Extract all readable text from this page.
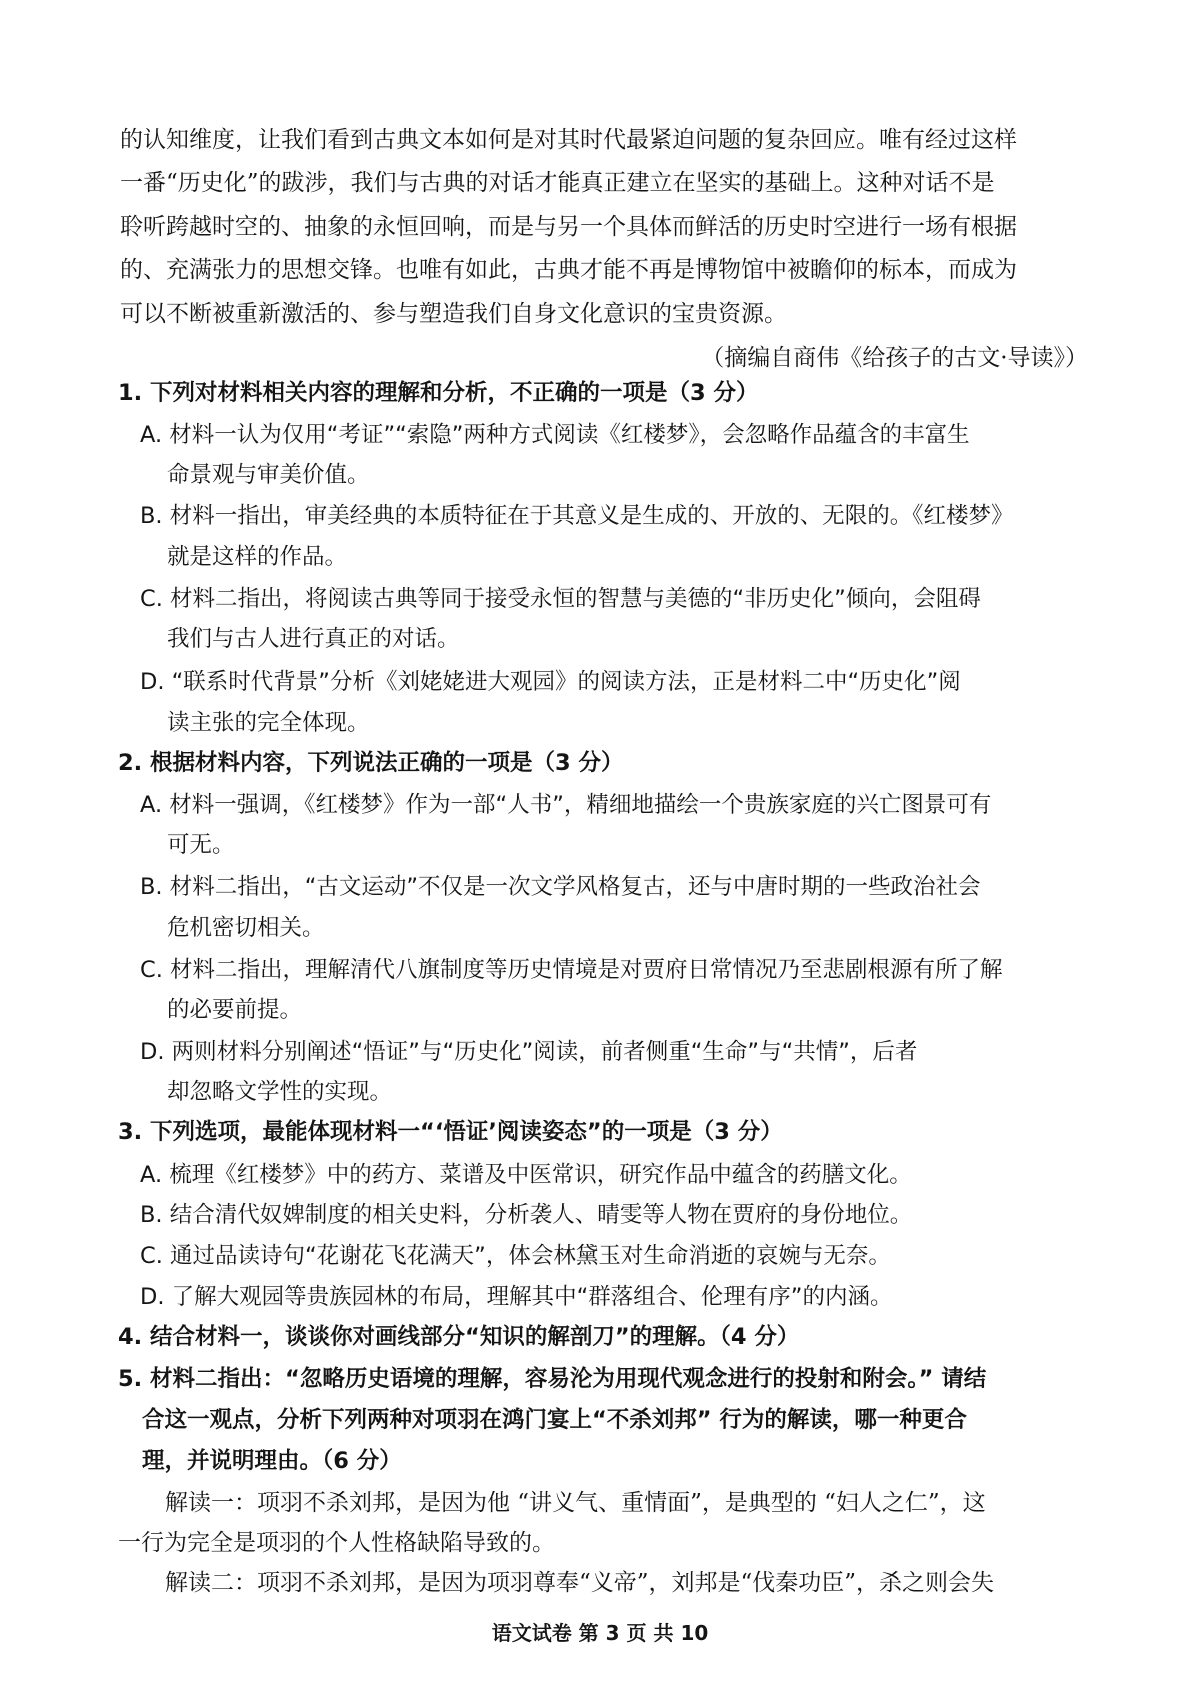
的认知维度，让我们看到古典文本如何是对其时代最紧迫问题的复杂回应。唯有经过这样

一番“历史化”的跋涉，我们与古典的对话才能真正建立在坚实的基础上。这种对话不是

聆听跨越时空的、抽象的永恒回响，而是与另一个具体而鲜活的历史时空进行一场有根据

的、充满张力的思想交锋。也唯有如此，古典才能不再是博物馆中被瞻仰的标本，而成为

可以不断被重新激活的、参与塑造我们自身文化意识的宝贵资源。

（摘编自商伟《给孩子的古文·导读》）

1. 下列对材料相关内容的理解和分析，不正确的一项是（3 分）

A. 材料一认为仅用“考证”“索隐”两种方式阅读《红楼梦》，会忽略作品蕴含的丰富生

命景观与审美价值。

B. 材料一指出，审美经典的本质特征在于其意义是生成的、开放的、无限的。《红楼梦》

就是这样的作品。

C. 材料二指出，将阅读古典等同于接受永恒的智慧与美德的“非历史化”倾向，会阻碍

我们与古人进行真正的对话。

D. “联系时代背景”分析《刘姥姥进大观园》的阅读方法，正是材料二中“历史化”阅

读主张的完全体现。

2. 根据材料内容，下列说法正确的一项是（3 分）

A. 材料一强调，《红楼梦》作为一部“人书”，精细地描绘一个贵族家庭的兴亡图景可有

可无。

B. 材料二指出，“古文运动”不仅是一次文学风格复古，还与中唐时期的一些政治社会

危机密切相关。

C. 材料二指出，理解清代八旗制度等历史情境是对贾府日常情况乃至悲剧根源有所了解

的必要前提。

D. 两则材料分别阐述“悟证”与“历史化”阅读，前者侧重“生命”与“共情”，后者

却忽略文学性的实现。

3. 下列选项，最能体现材料一“‘悟证’阅读姿态”的一项是（3 分）

A. 梳理《红楼梦》中的药方、菜谱及中医常识，研究作品中蕴含的药膳文化。

B. 结合清代奴婢制度的相关史料，分析袭人、晴雯等人物在贾府的身份地位。

C. 通过品读诗句“花谢花飞花满天”，体会林黛玉对生命消逝的哀婉与无奈。

D. 了解大观园等贵族园林的布局，理解其中“群落组合、伦理有序”的内涵。

4. 结合材料一，谈谈你对画线部分“知识的解剖刀”的理解。（4 分）

5. 材料二指出：“忽略历史语境的理解，容易沦为用现代观念进行的投射和附会。” 请结

合这一观点，分析下列两种对项羽在鸿门宴上“不杀刘邦” 行为的解读，哪一种更合

理，并说明理由。（6 分）

解读一：项羽不杀刘邦，是因为他 “讲义气、重情面”，是典型的 “妇人之仁”，这

一行为完全是项羽的个人性格缺陷导致的。

解读二：项羽不杀刘邦，是因为项羽尊奉“义帝”，刘邦是“伐秦功臣”，杀之则会失

语文试卷 第 3 页 共 10
